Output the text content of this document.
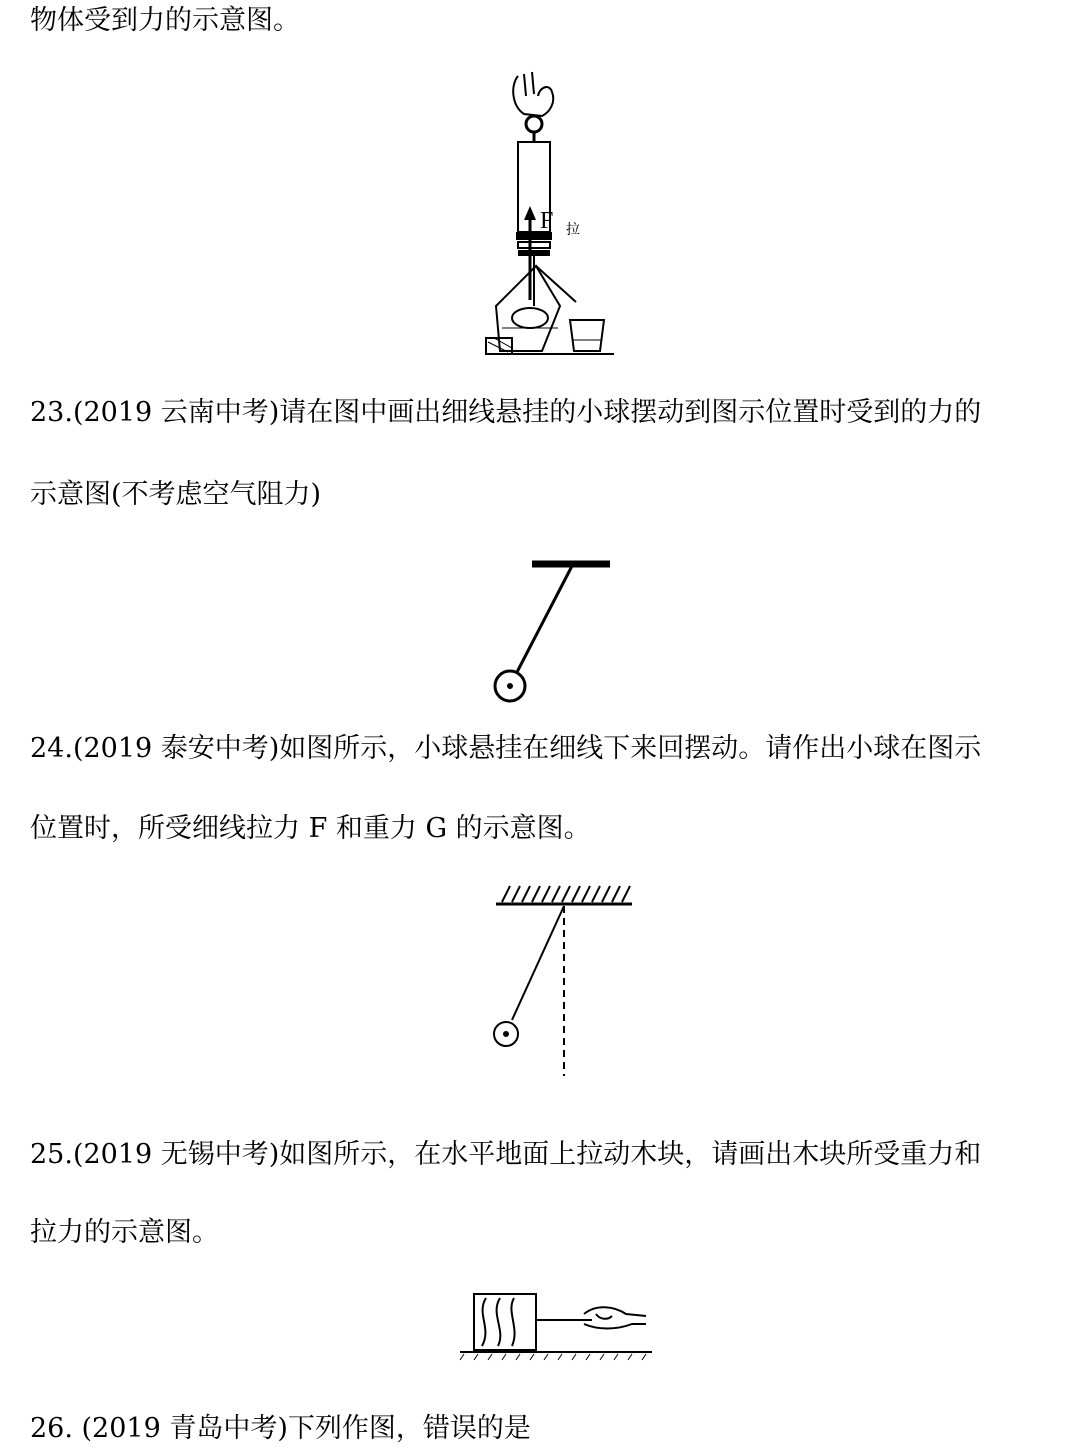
物体受到力的示意图。

F 拉

23.(2019 云南中考)请在图中画出细线悬挂的小球摆动到图示位置时受到的力的

示意图(不考虑空气阻力)

24.(2019 泰安中考)如图所示，小球悬挂在细线下来回摆动。请作出小球在图示

位置时，所受细线拉力 F 和重力 G 的示意图。

25.(2019 无锡中考)如图所示，在水平地面上拉动木块，请画出木块所受重力和

拉力的示意图。

26. (2019 青岛中考)下列作图，错误的是
